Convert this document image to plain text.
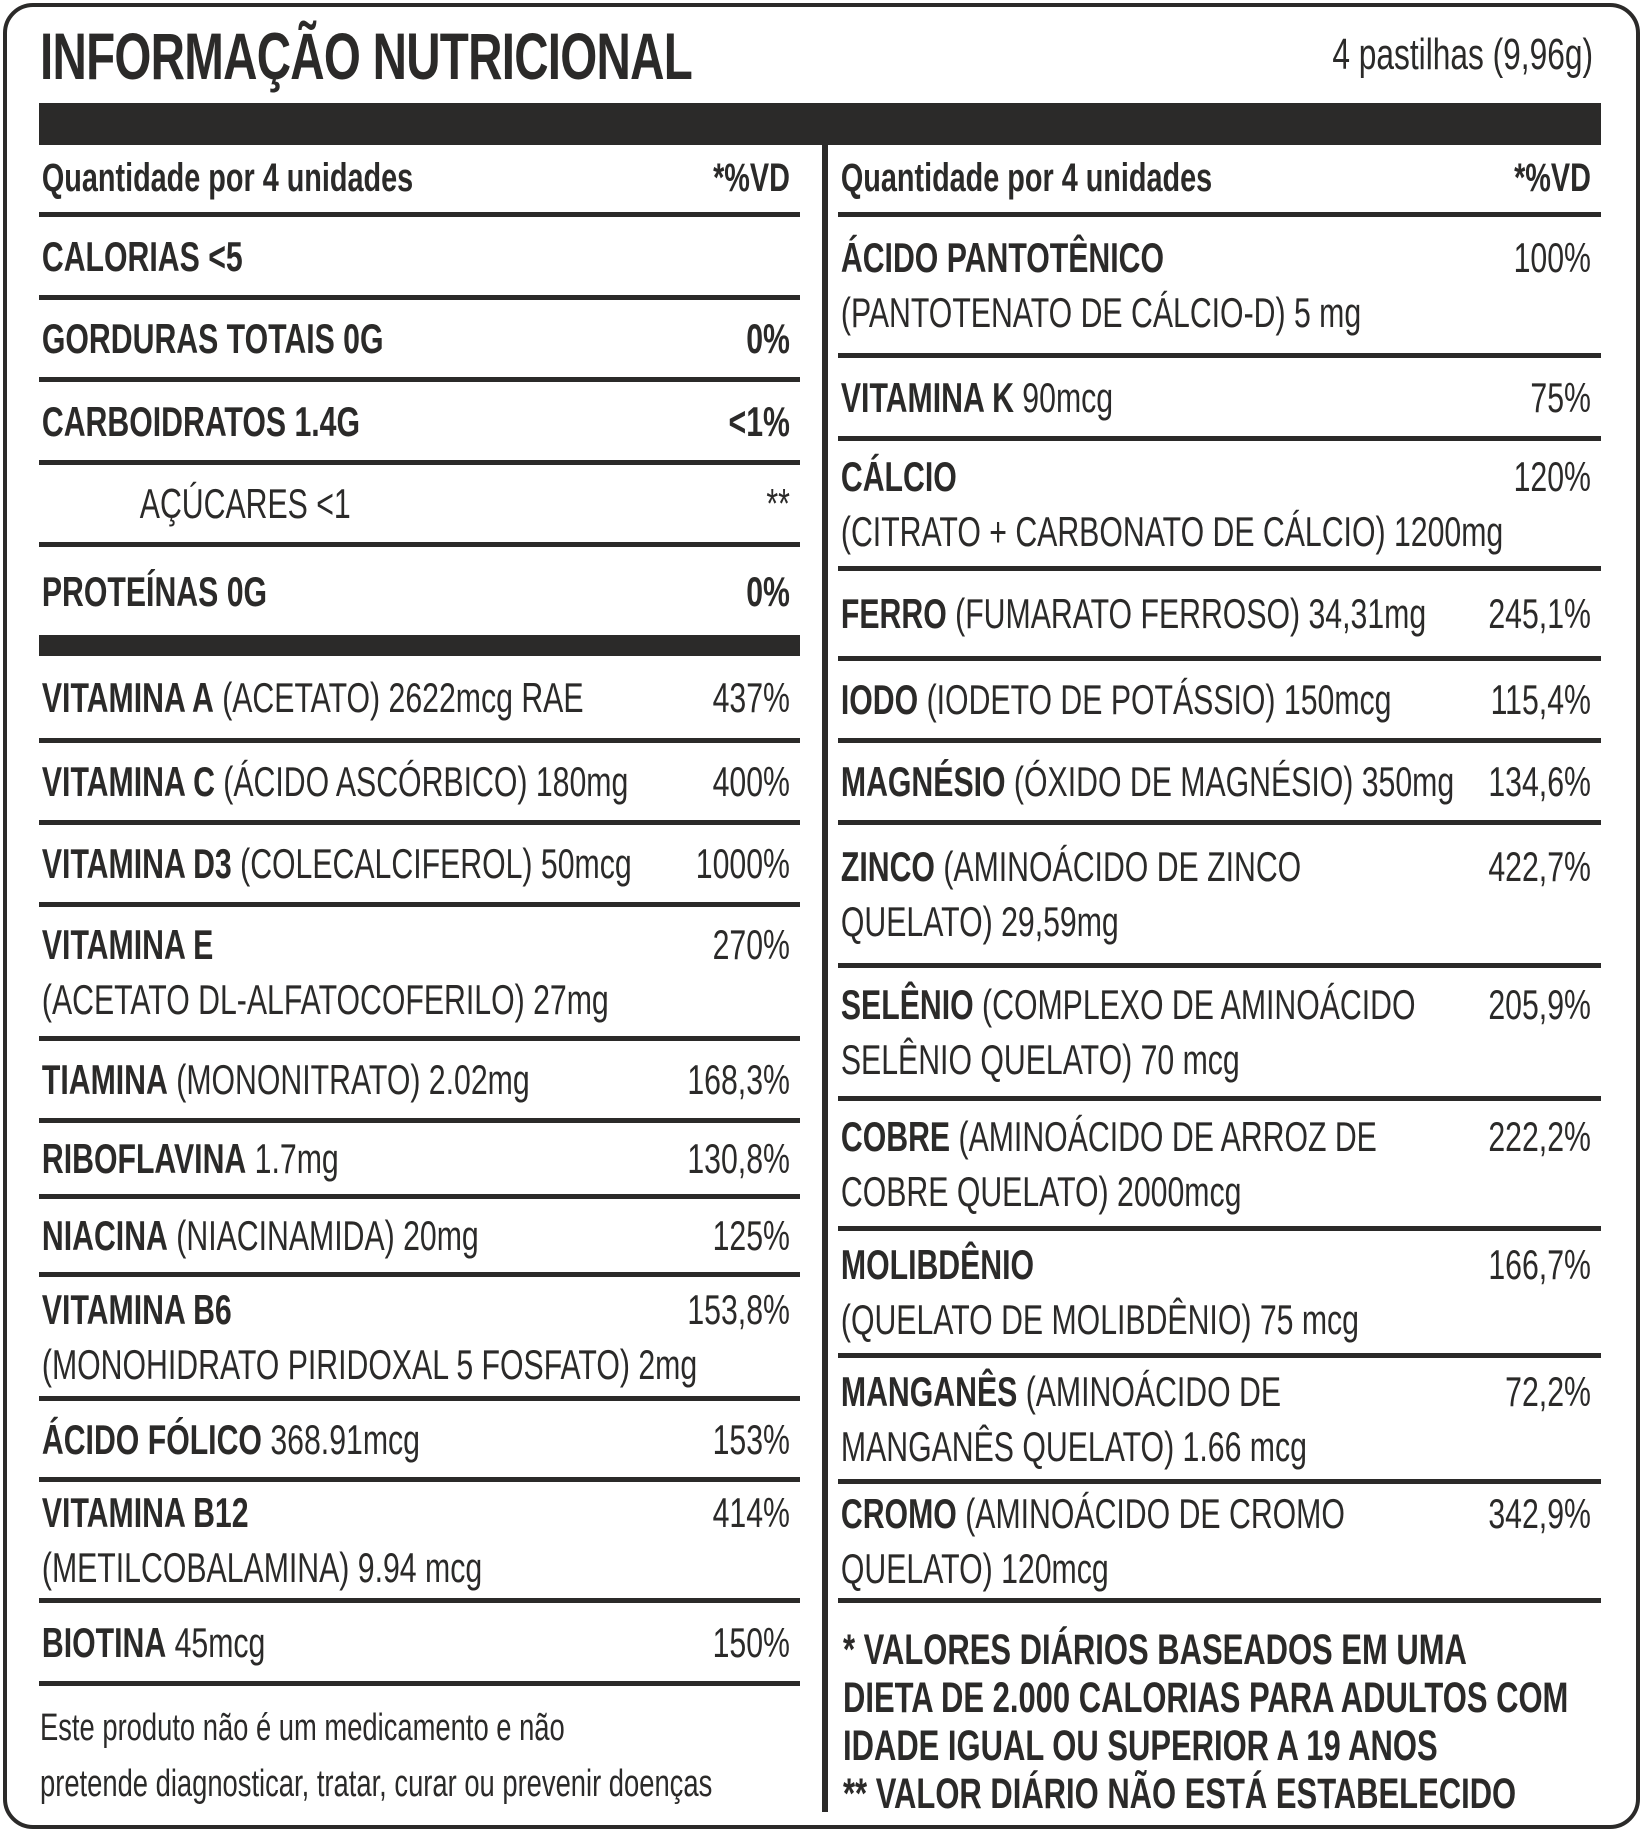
INFORMAÇÃO NUTRICIONAL	4 pastilhas (9,96g)
Quantidade por 4 unidades	*%VD
CALORIAS <5
GORDURAS TOTAIS 0G	0%
CARBOIDRATOS 1.4G	<1%
AÇÚCARES <1	**
PROTEÍNAS 0G	0%
VITAMINA A (ACETATO) 2622mcg RAE	437%
VITAMINA C (ÁCIDO ASCÓRBICO) 180mg 400%
VITAMINA D3 (COLECALCIFEROL) 50mcg 1000%
VITAMINA E	270%
(ACETATO DL-ALFATOCOFERILO) 27mg
TIAMINA (MONONITRATO) 2.02mg	168,3%
RIBOFLAVINA 1.7mg	130,8%
NIACINA (NIACINAMIDA) 20mg	125%
VITAMINA B6	153,8%
(MONOHIDRATO PIRIDOXAL 5 FOSFATO) 2mg
ÁCIDO FÓLICO 368.91mcg	153%
VITAMINA B12	414%
(METILCOBALAMINA) 9.94 mcg
BIOTINA 45mcg	150%
Quantidade por 4 unidades	*%VD
ÁCIDO PANTOTÊNICO	100%
(PANTOTENATO DE CÁLCIO-D) 5 mg
VITAMINA K 90mcg	75%
CÁLCIO	120%
(CITRATO + CARBONATO DE CÁLCIO) 1200mg
FERRO (FUMARATO FERROSO) 34,31mg 245,1%
IODO (IODETO DE POTÁSSIO) 150mcg 115,4%
MAGNÉSIO (ÓXIDO DE MAGNÉSIO) 350mg 134,6%
ZINCO (AMINOÁCIDO DE ZINCO	422,7%
QUELATO) 29,59mg
SELÊNIO (COMPLEXO DE AMINOÁCIDO 205,9%
SELÊNIO QUELATO) 70 mcg
COBRE (AMINOÁCIDO DE ARROZ DE	222,2%
COBRE QUELATO) 2000mcg
MOLIBDÊNIO	166,7%
(QUELATO DE MOLIBDÊNIO) 75 mcg
MANGANÊS (AMINOÁCIDO DE	72,2%
MANGANÊS QUELATO) 1.66 mcg
CROMO (AMINOÁCIDO DE CROMO	342,9%
QUELATO) 120mcg
Este produto não é um medicamento e não
pretende diagnosticar, tratar, curar ou prevenir doenças
* VALORES DIÁRIOS BASEADOS EM UMA
DIETA DE 2.000 CALORIAS PARA ADULTOS COM
IDADE IGUAL OU SUPERIOR A 19 ANOS
** VALOR DIÁRIO NÃO ESTÁ ESTABELECIDO
